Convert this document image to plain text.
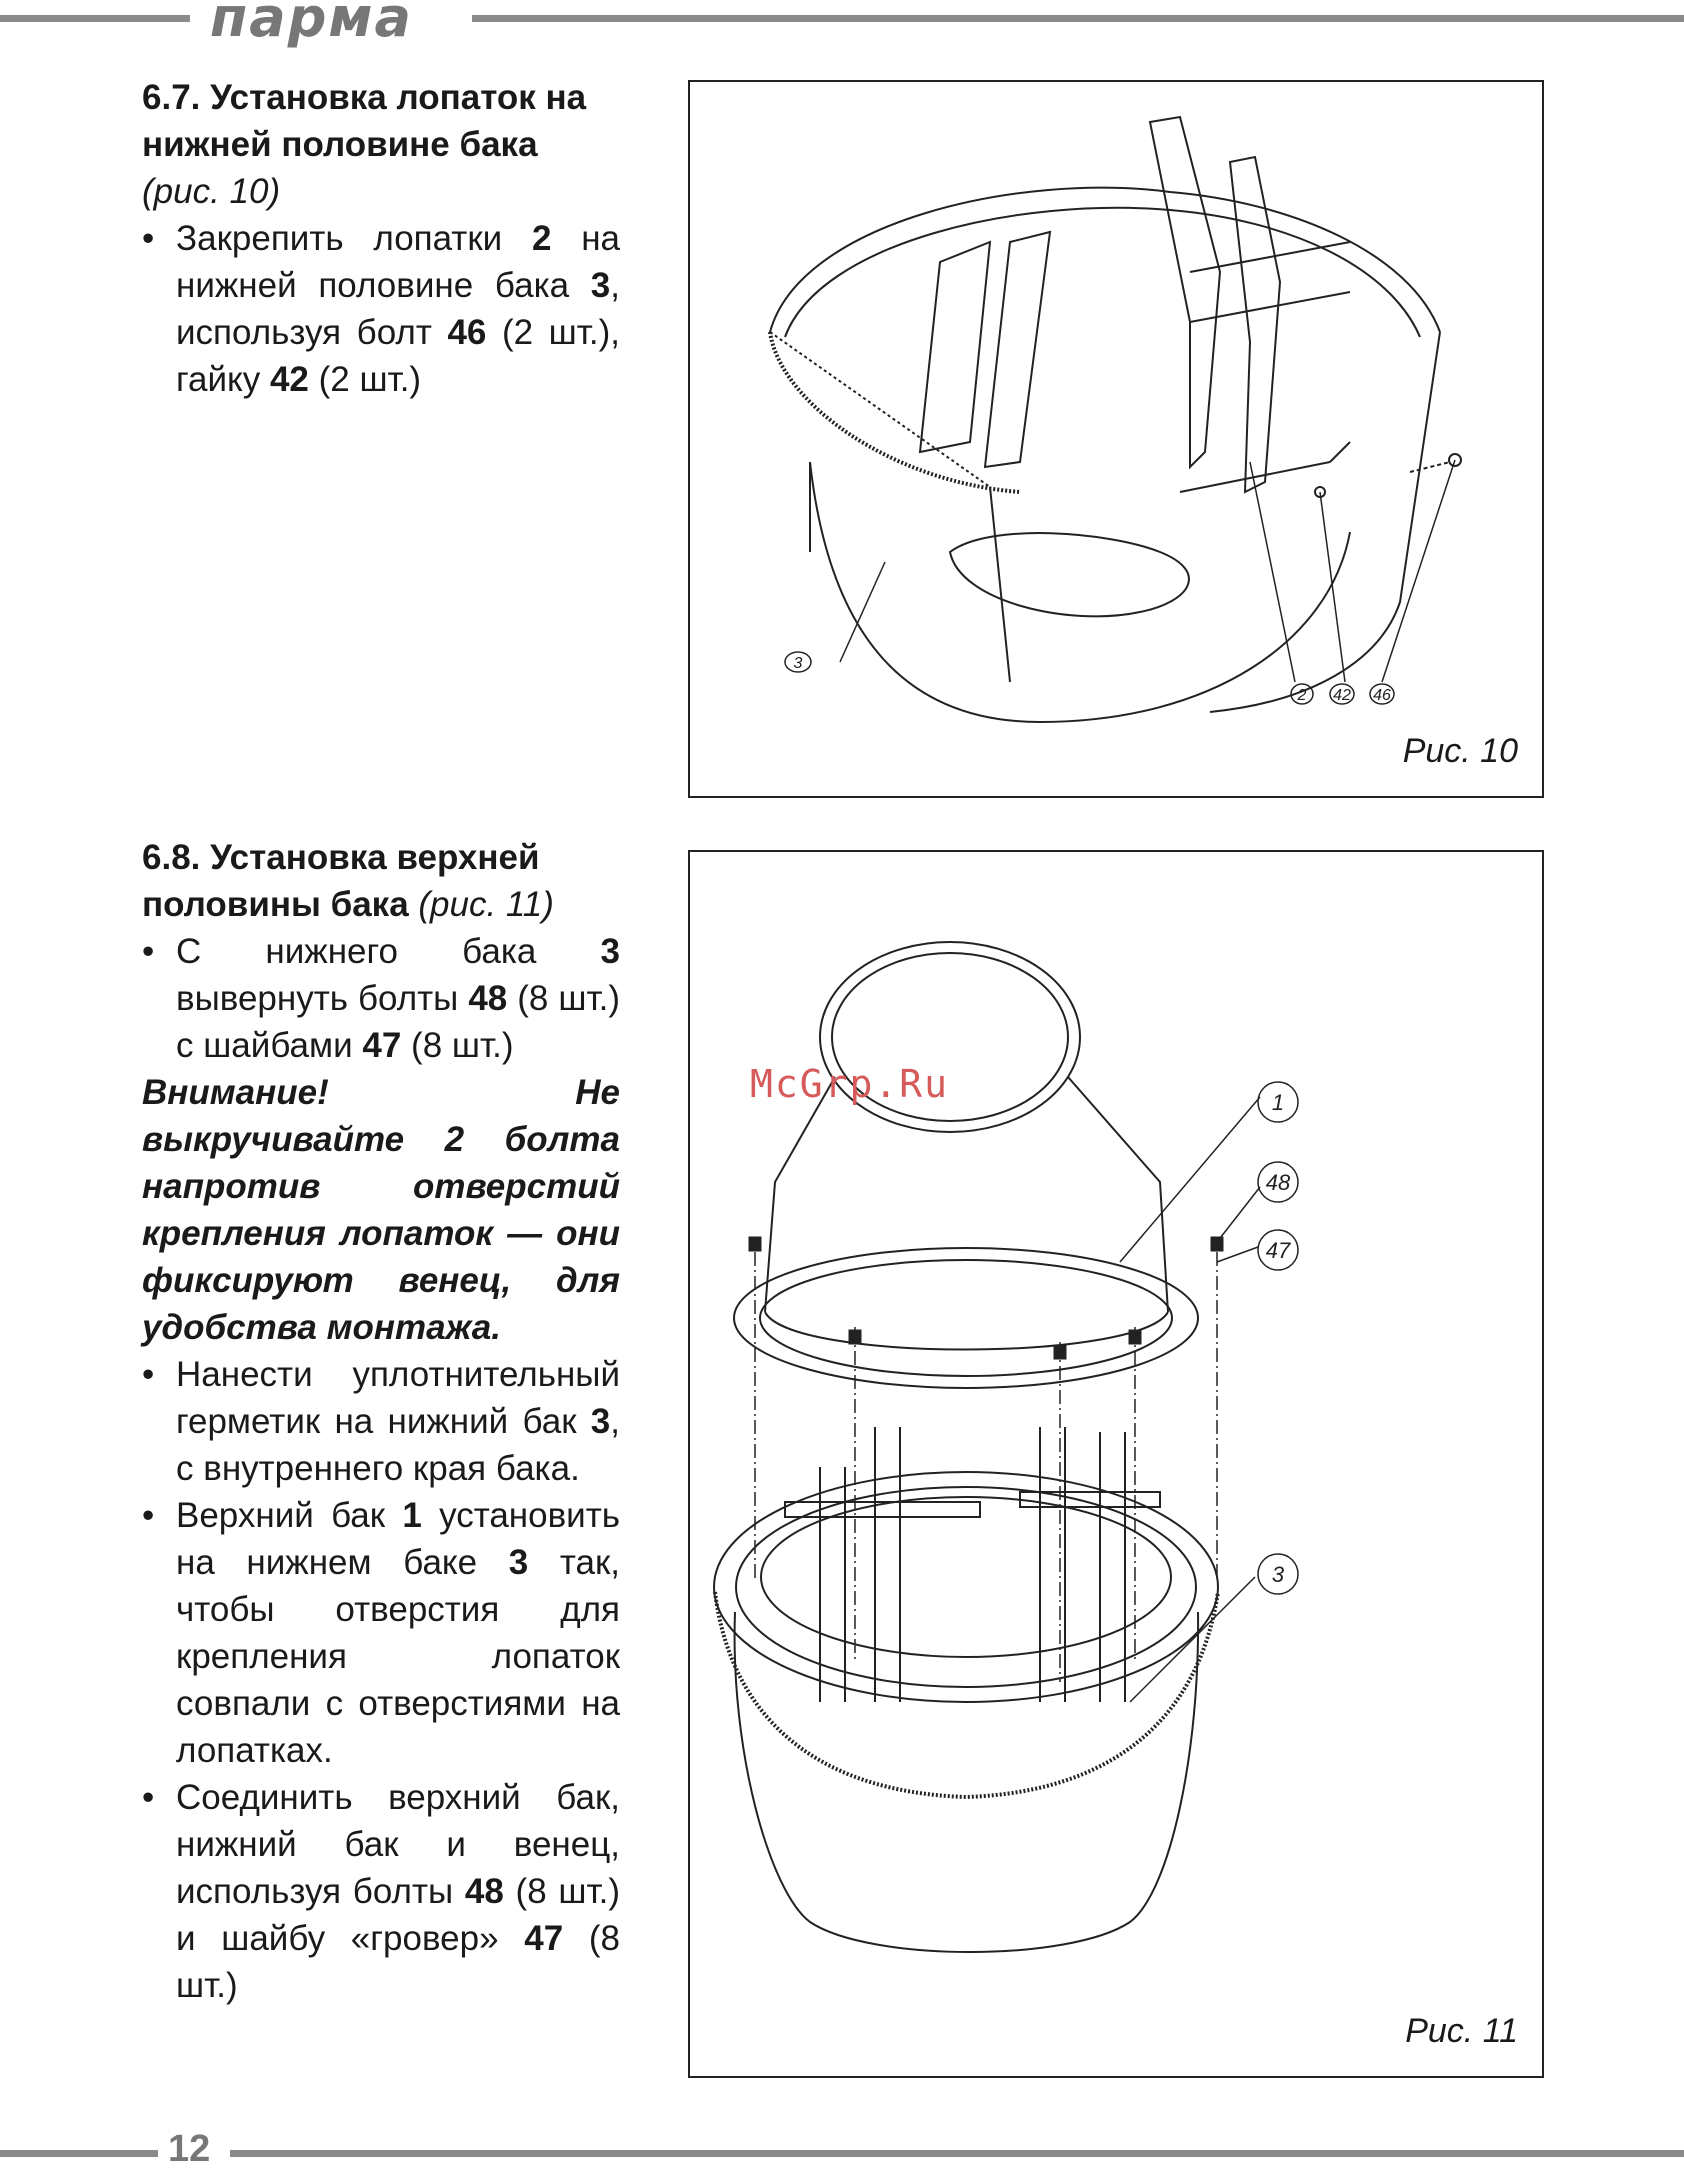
парма
6.7. Установка лопаток на нижней половине бака (рис. 10)
• Закрепить лопатки 2 на нижней половине бака 3, используя болт 46 (2 шт.), гайку 42 (2 шт.)
3
2 42 46
Рис. 10
6.8. Установка верхней половины бака (рис. 11)
• С нижнего бака 3 вывернуть болты 48 (8 шт.) с шайбами 47 (8 шт.)
Внимание! Не выкручивайте 2 болта напротив отверстий крепления лопаток — они фиксируют венец, для удобства монтажа.
• Нанести уплотнительный герметик на нижний бак 3, с внутреннего края бака.
• Верхний бак 1 установить на нижнем баке 3 так, чтобы отверстия для крепления лопаток совпали с отверстиями на лопатках.
• Соединить верхний бак, нижний бак и венец, используя болты 48 (8 шт.) и шайбу «гровер» 47 (8 шт.)
1
48
47
3
Рис. 11
McGrp.Ru
12
